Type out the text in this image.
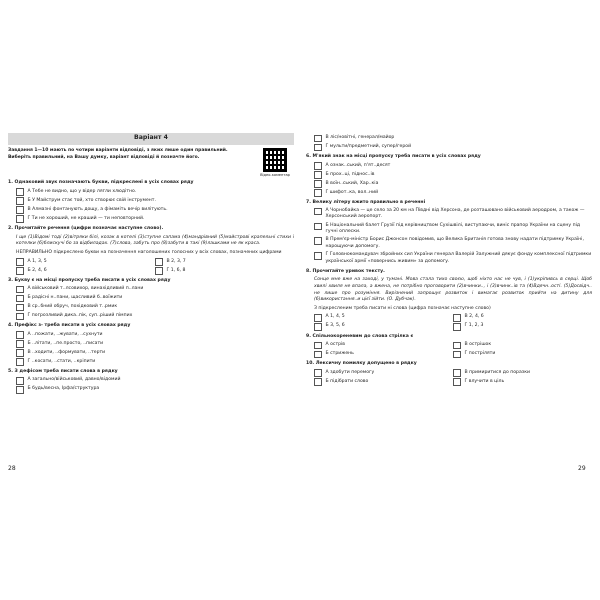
Варіант 4
Завдання 1—10 мають по чотири варіанти відповіді, з яких лише один правильний. Виберіть правильний, на Вашу думку, варіант відповіді й позначте його.
Відео-коментар
1. Однаковий звук позначають букви, підкреслені в усіх словах ряду
А Тебе не видно, що у відер лягли хлюдітно.
Б У Майструм стає той, хто створює свій інструмент.
В Алмазні фонтанують дощу, а фімаміть вечір вилітують.
Г Ти не хороший, не краший — ти неповторний.
2. Прочитайте речення (цифри позначає наступне слово).
І ще (1)Відомі тоді (2)вітряки білі, козак в котелі (3)ступне сапама (4)мандрівний (5)майстрові крапельні стихи і котелки (6)блискучі бо за відбиладах. (7)слова, забуть про (8)забути в такі (9)лашками не як краса.
НЕПРАВИЛЬНО підкреслено букви на позначення наголошених голосних у всіх словах, позначених цифрами
А 1, 3, 5	В 2, 3, 7
Б 2, 4, 6	Г 1, 6, 8
3. Букву є на місці пропуску треба писати в усіх словах ряду
А військовий т..лсовихор, винахідливий п..лани
Б радісні н..пани, щасливий б..воїжити
В ср..бний обруч, похідковий т..рмик
Г погрозливий дика..пік, суп..ріший пімпих
4. Префікс з- треба писати в усіх словах ряду
А ..пожати, ..жувати, ..сухнути
Б ..літати, ..пе.просто, ..писати
В ..ходити, ..формувати, ..терти
Г ..косати, ..стати, ..кріпити
5. З дефісом треба писати слова в рядку
А загально/військовий, давно/відомий
Б будь/весна, Ірфа/структура
28
В ліс/новітні, генерал/майор
Г мульти/предметний, супер/герой
6. М'який знак на місці пропуску треба писати в усіх словах ряду
А ознак..ський, п'ят..десят
Б прох..ці, піднос..ів
В воїн..ський, Хар..кіа
Г шифот..ка, вол..ний
7. Велику літеру вжито правильно в реченні
А Чорнобайка — це село за 20 км на Півдні від Херсона, де розташовано військовий аеродром, а також — Херсонський аеропорт.
Б Національний балет Грузії під керівництвом Сухішвілі, виступаючи, виніс прапор України на сцену під гучні оплески.
В Прем'єр-міністр Борис Джонсон повідомив, що Велика Британія готова знову надати підтримку Україні, нарощуючи допомогу.
Г Головнокомандувач збройних сил України генерал Валерій Залужний дякує фонду комплексної підтримки української армії «повернись живим» за допомогу.
8. Прочитайте уривок тексту.
Сонце мне вже на заході, у тумані. Мова стала тихо своєю, щоб ніхто нас не чув, і (1)укріпивсь в серці. Щоб хвилі хвиля не впала, а вжена, не потрібно проговорити (2)вчинки.., і (3)вчинк..ів та (4)Вдячн..ості. (5)Досвідч.. не лише про розуміння. Вирізнений запрошує розвиток і вимагає розвиток прийти на дитину для (6)використання..и цієї зійти. (О. Дубчак).
З підкресленим треба писати ні слова (цифра позначає наступне слово)
А 1, 4, 5	В 2, 4, 6
Б 3, 5, 6	Г 1, 2, 3
9. Спільнокореневим до слова стрілка є
А острів	В острішок
Б стрижень	Г постріляти
10. Лексичну помилку допущено в рядку
А здобути перемогу	В примиритися до поразки
Б підібрати слово	Г влучити в ціль
29
